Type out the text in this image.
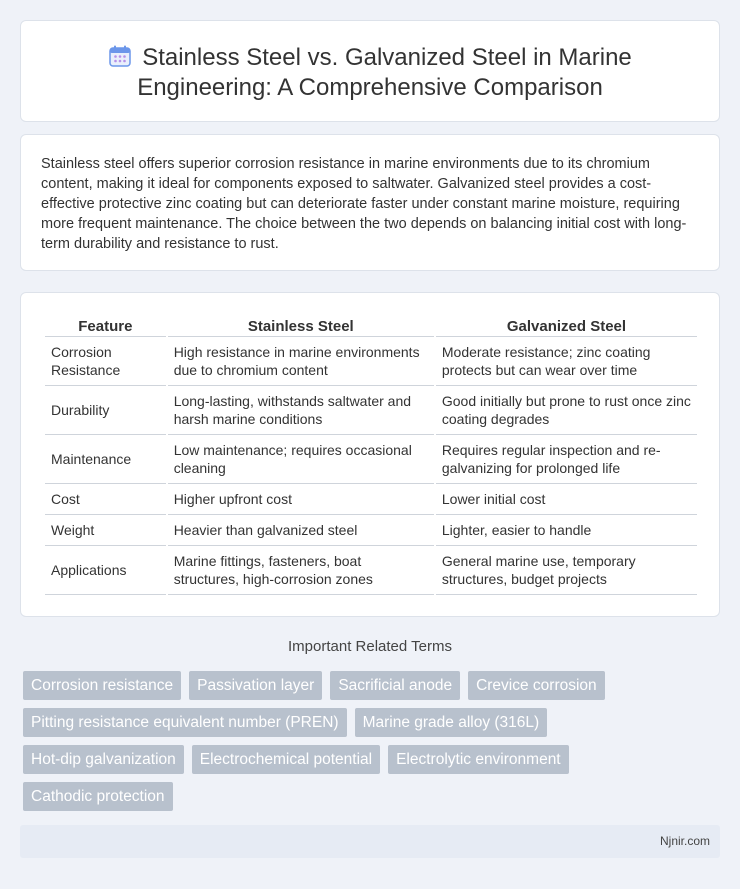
Stainless Steel vs. Galvanized Steel in Marine
Engineering: A Comprehensive Comparison

Stainless steel offers superior corrosion resistance in marine environments due to its chromium content, making it ideal for components exposed to saltwater. Galvanized steel provides a cost-effective protective zinc coating but can deteriorate faster under constant marine moisture, requiring more frequent maintenance. The choice between the two depends on balancing initial cost with long-term durability and resistance to rust.

Feature	Stainless Steel	Galvanized Steel
Corrosion Resistance	High resistance in marine environments due to chromium content	Moderate resistance; zinc coating protects but can wear over time
Durability	Long-lasting, withstands saltwater and harsh marine conditions	Good initially but prone to rust once zinc coating degrades
Maintenance	Low maintenance; requires occasional cleaning	Requires regular inspection and re-galvanizing for prolonged life
Cost	Higher upfront cost	Lower initial cost
Weight	Heavier than galvanized steel	Lighter, easier to handle
Applications	Marine fittings, fasteners, boat structures, high-corrosion zones	General marine use, temporary structures, budget projects
Important Related Terms
Corrosion resistance	Passivation layer	Sacrificial anode	Crevice corrosion
Pitting resistance equivalent number (PREN)	Marine grade alloy (316L)
Hot-dip galvanization	Electrochemical potential	Electrolytic environment
Cathodic protection
Njnir.com
